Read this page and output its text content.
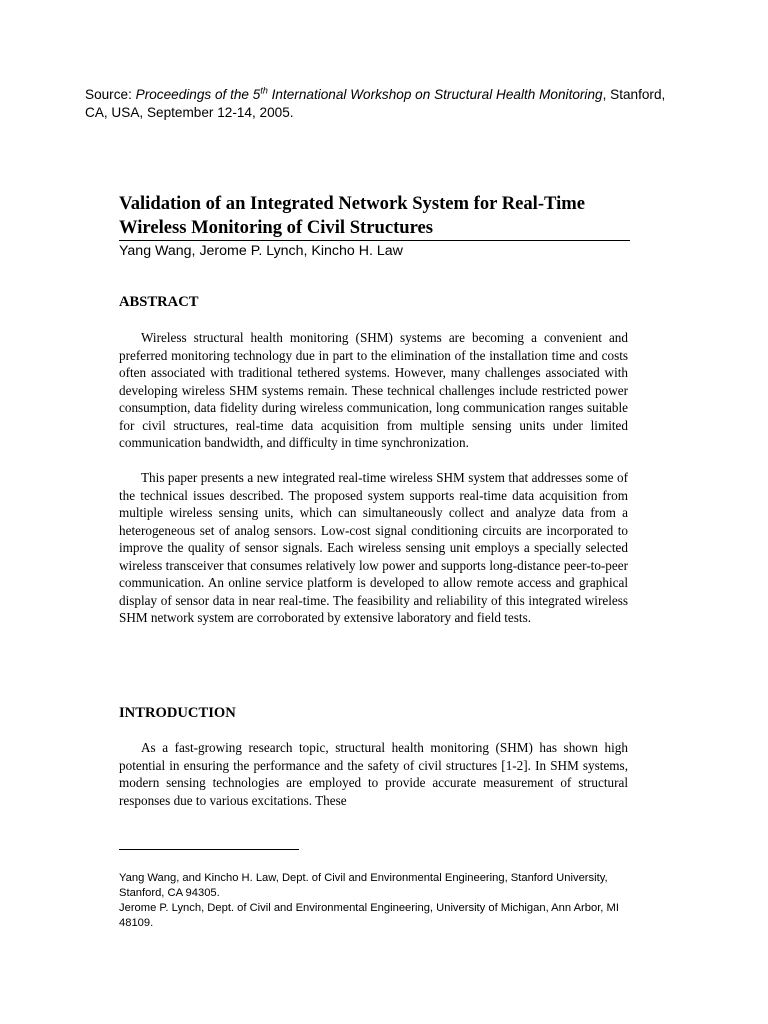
Source: Proceedings of the 5th International Workshop on Structural Health Monitoring, Stanford, CA, USA, September 12-14, 2005.
Validation of an Integrated Network System for Real-Time
Wireless Monitoring of Civil Structures
Yang Wang, Jerome P. Lynch, Kincho H. Law
ABSTRACT

Wireless structural health monitoring (SHM) systems are becoming a convenient and preferred monitoring technology due in part to the elimination of the installation time and costs often associated with traditional tethered systems. However, many challenges associated with developing wireless SHM systems remain. These technical challenges include restricted power consumption, data fidelity during wireless communication, long communication ranges suitable for civil structures, real-time data acquisition from multiple sensing units under limited communication bandwidth, and difficulty in time synchronization.

This paper presents a new integrated real-time wireless SHM system that addresses some of the technical issues described. The proposed system supports real-time data acquisition from multiple wireless sensing units, which can simultaneously collect and analyze data from a heterogeneous set of analog sensors. Low-cost signal conditioning circuits are incorporated to improve the quality of sensor signals. Each wireless sensing unit employs a specially selected wireless transceiver that consumes relatively low power and supports long-distance peer-to-peer communication. An online service platform is developed to allow remote access and graphical display of sensor data in near real-time. The feasibility and reliability of this integrated wireless SHM network system are corroborated by extensive laboratory and field tests.

INTRODUCTION

As a fast-growing research topic, structural health monitoring (SHM) has shown high potential in ensuring the performance and the safety of civil structures [1-2]. In SHM systems, modern sensing technologies are employed to provide accurate measurement of structural responses due to various excitations. These

Yang Wang, and Kincho H. Law, Dept. of Civil and Environmental Engineering, Stanford University, Stanford, CA 94305.

Jerome P. Lynch, Dept. of Civil and Environmental Engineering, University of Michigan, Ann Arbor, MI 48109.
